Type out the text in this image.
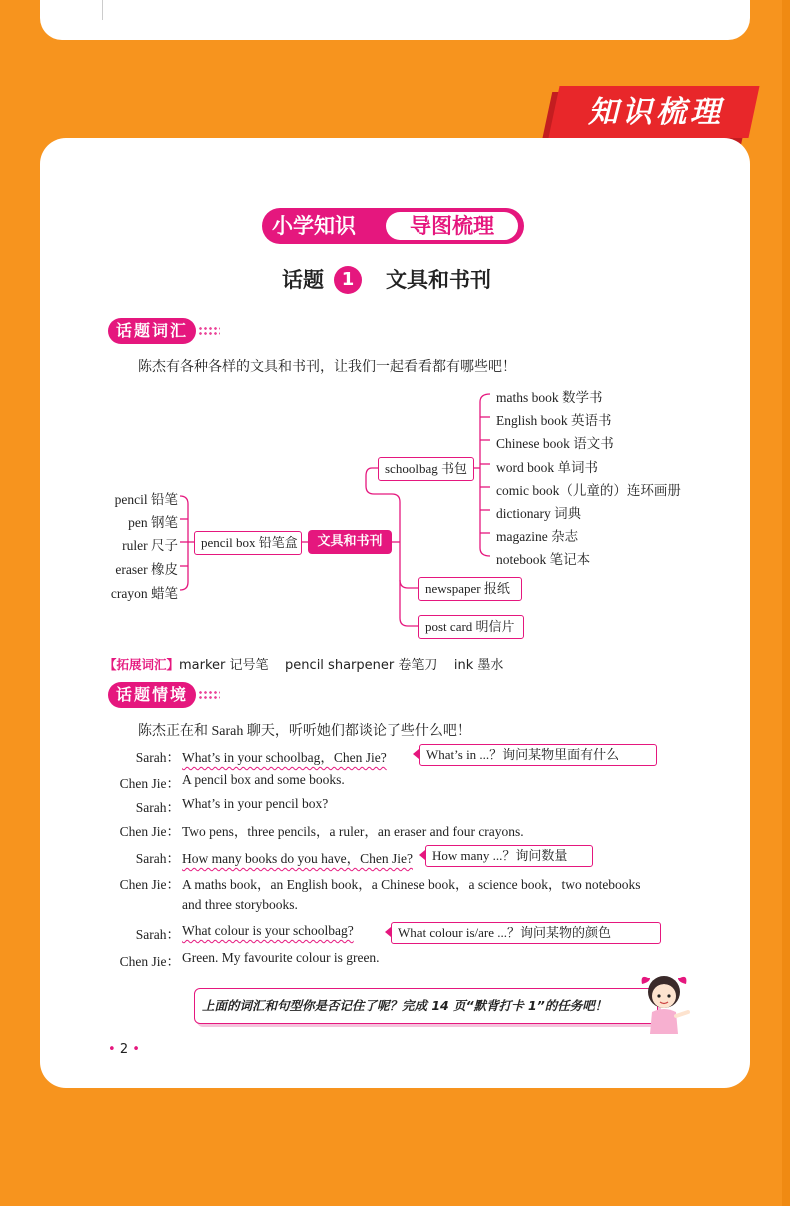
知识梳理
小学知识	导图梳理
话题 1	文具和书刊
话题词汇
陈杰有各种各样的文具和书刊，让我们一起看看都有哪些吧！
pencil 铅笔
pen 钢笔
ruler 尺子
eraser 橡皮
crayon 蜡笔
pencil box 铅笔盒	文具和书刊
schoolbag 书包
newspaper 报纸
post card 明信片
maths book 数学书
English book 英语书
Chinese book 语文书
word book 单词书
comic book（儿童的）连环画册
dictionary 词典
magazine 杂志
notebook 笔记本
【拓展词汇】marker 记号笔    pencil sharpener 卷笔刀    ink 墨水
话题情境
陈杰正在和 Sarah 聊天，听听她们都谈论了些什么吧！
Sarah： What’s in your schoolbag，Chen Jie?
Chen Jie： A pencil box and some books.
Sarah： What’s in your pencil box?
Chen Jie： Two pens，three pencils，a ruler，an eraser and four crayons.
Sarah： How many books do you have，Chen Jie?
Chen Jie： A maths book，an English book，a Chinese book，a science book，two notebooks
and three storybooks.
Sarah： What colour is your schoolbag?
Chen Jie： Green. My favourite colour is green.
What’s in ...？询问某物里面有什么
How many ...？询问数量
What colour is/are ...？询问某物的颜色
上面的词汇和句型你是否记住了呢？完成 14 页“默背打卡 1”的任务吧！
• 2 •
